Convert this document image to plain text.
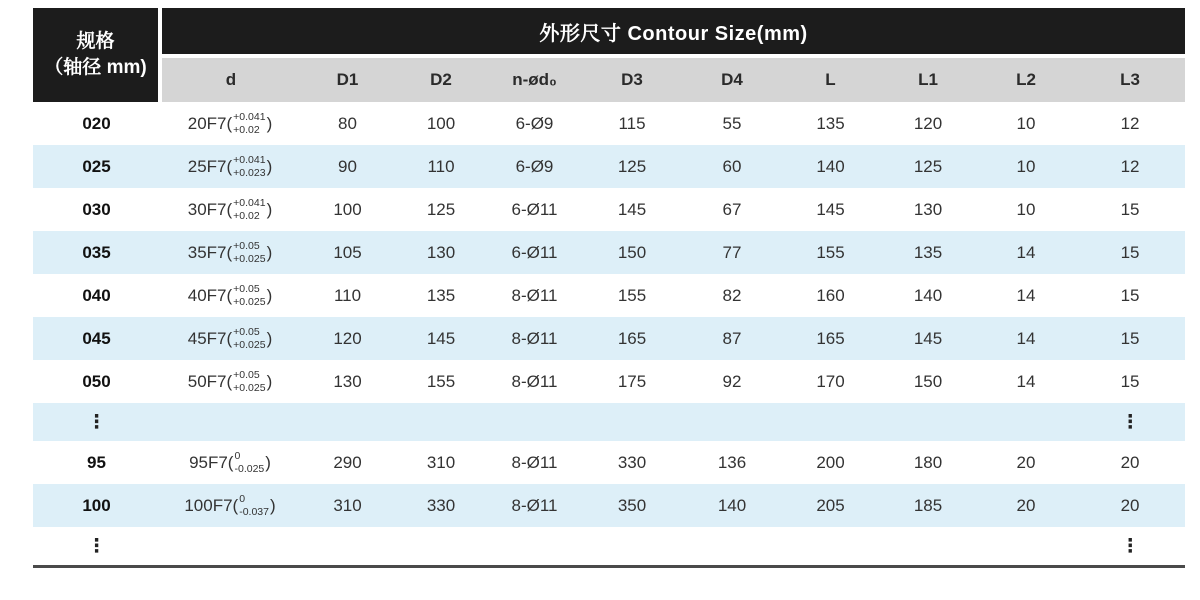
规格
（轴径 mm)	外形尺寸 Contour Size(mm)									
	d	D1	D2	n-ød₀	D3	D4	L	L1	L2	L3
020	20F7( +0.041
+0.02 )	80	100	6-Ø9	115	55	135	120	10	12
025	25F7( +0.041
+0.023 )	90	110	6-Ø9	125	60	140	125	10	12
030	30F7( +0.041
+0.02 )	100	125	6-Ø11	145	67	145	130	10	15
035	35F7( +0.05
+0.025 )	105	130	6-Ø11	150	77	155	135	14	15
040	40F7( +0.05
+0.025 )	110	135	8-Ø11	155	82	160	140	14	15
045	45F7( +0.05
+0.025 )	120	145	8-Ø11	165	87	165	145	14	15
050	50F7( +0.05
+0.025 )	130	155	8-Ø11	175	92	170	150	14	15
⋮										⋮
95	95F7( 0
-0.025 )	290	310	8-Ø11	330	136	200	180	20	20
100	100F7( 0
-0.037 )	310	330	8-Ø11	350	140	205	185	20	20
⋮										⋮
